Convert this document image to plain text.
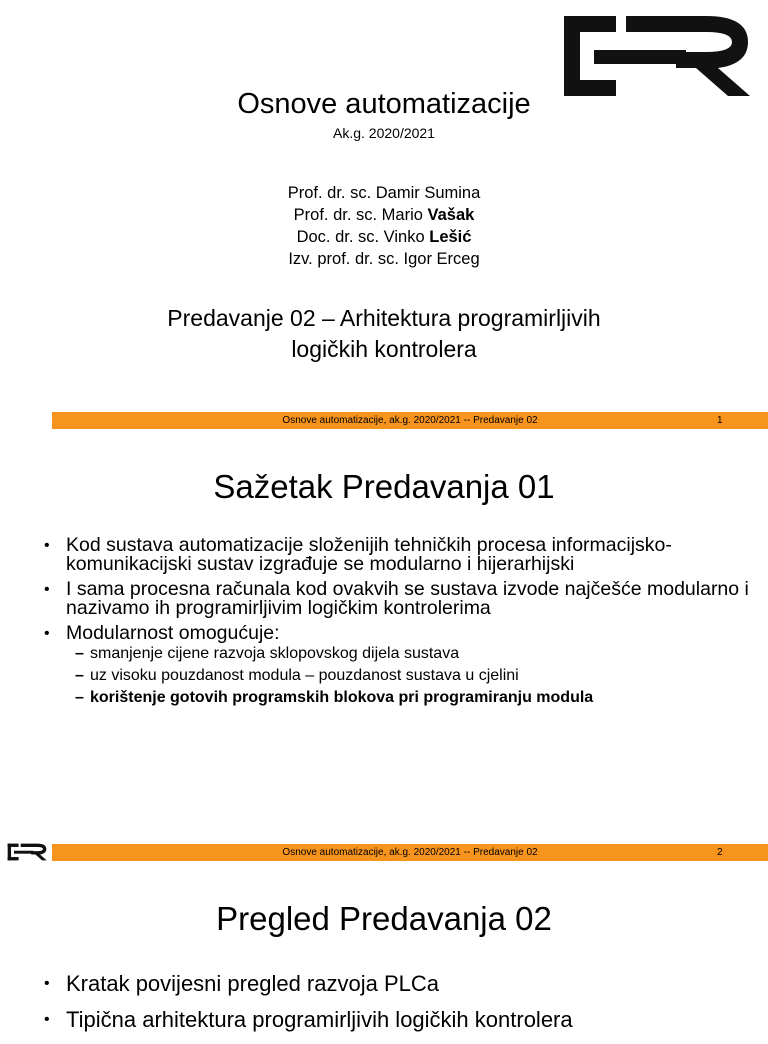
Osnove automatizacije
Ak.g. 2020/2021
Prof. dr. sc. Damir Sumina
Prof. dr. sc. Mario Vašak
Doc. dr. sc. Vinko Lešić
Izv. prof. dr. sc. Igor Erceg
Predavanje 02 – Arhitektura programirljivih
logičkih kontrolera
Osnove automatizacije, ak.g. 2020/2021 -- Predavanje 02	1
Sažetak Predavanja 01
• Kod sustava automatizacije složenijih tehničkih procesa informacijsko-komunikacijski sustav izgrađuje se modularno i hijerarhijski
• I sama procesna računala kod ovakvih se sustava izvode najčešće modularno i nazivamo ih programirljivim logičkim kontrolerima
• Modularnost omogućuje:
– smanjenje cijene razvoja sklopovskog dijela sustava
– uz visoku pouzdanost modula – pouzdanost sustava u cjelini
– korištenje gotovih programskih blokova pri programiranju modula
Osnove automatizacije, ak.g. 2020/2021 -- Predavanje 02	2
Pregled Predavanja 02
• Kratak povijesni pregled razvoja PLCa
• Tipična arhitektura programirljivih logičkih kontrolera
